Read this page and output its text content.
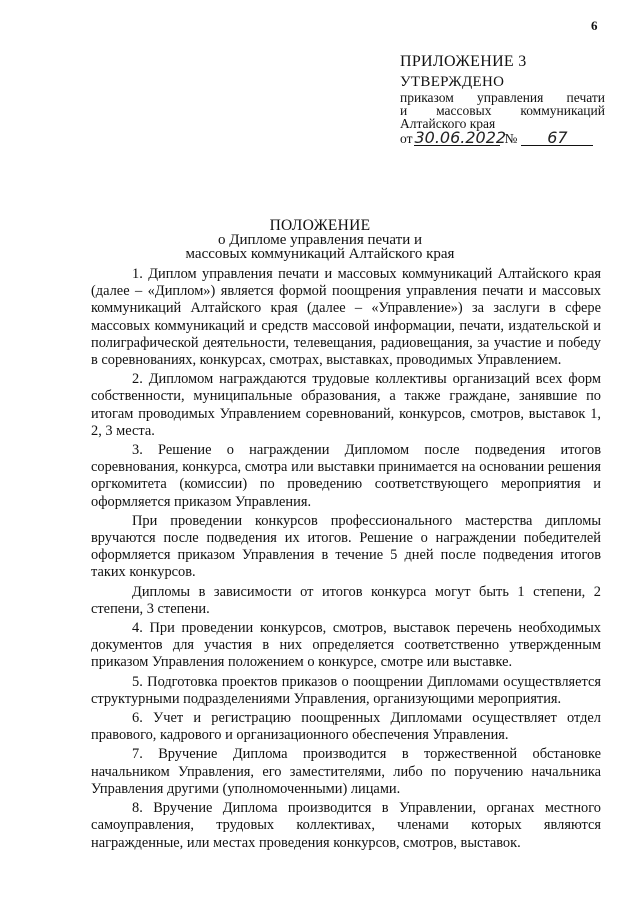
6
ПРИЛОЖЕНИЕ 3
УТВЕРЖДЕНО
приказом управления печати
и массовых коммуникаций
Алтайского края
от 30.06.2022
№	67
ПОЛОЖЕНИЕ
о Дипломе управления печати и
массовых коммуникаций Алтайского края

1. Диплом управления печати и массовых коммуникаций Алтайского края (далее – «Диплом») является формой поощрения управления печати и массовых коммуникаций Алтайского края (далее – «Управление») за заслуги в сфере массовых коммуникаций и средств массовой информации, печати, издательской и полиграфической деятельности, телевещания, радиовещания, за участие и победу в соревнованиях, конкурсах, смотрах, выставках, проводимых Управлением.

2. Дипломом награждаются трудовые коллективы организаций всех форм собственности, муниципальные образования, а также граждане, занявшие по итогам проводимых Управлением соревнований, конкурсов, смотров, выставок 1, 2, 3 места.

3. Решение о награждении Дипломом после подведения итогов соревнования, конкурса, смотра или выставки принимается на основании решения оргкомитета (комиссии) по проведению соответствующего мероприятия и оформляется приказом Управления.

При проведении конкурсов профессионального мастерства дипломы вручаются после подведения их итогов. Решение о награждении победителей оформляется приказом Управления в течение 5 дней после подведения итогов таких конкурсов.

Дипломы в зависимости от итогов конкурса могут быть 1 степени, 2 степени, 3 степени.

4. При проведении конкурсов, смотров, выставок перечень необходимых документов для участия в них определяется соответственно утвержденным приказом Управления положением о конкурсе, смотре или выставке.

5. Подготовка проектов приказов о поощрении Дипломами осуществляется структурными подразделениями Управления, организующими мероприятия.

6. Учет и регистрацию поощренных Дипломами осуществляет отдел правового, кадрового и организационного обеспечения Управления.

7. Вручение Диплома производится в торжественной обстановке начальником Управления, его заместителями, либо по поручению начальника Управления другими (уполномоченными) лицами.

8. Вручение Диплома производится в Управлении, органах местного самоуправления, трудовых коллективах, членами которых являются награжденные, или местах проведения конкурсов, смотров, выставок.
